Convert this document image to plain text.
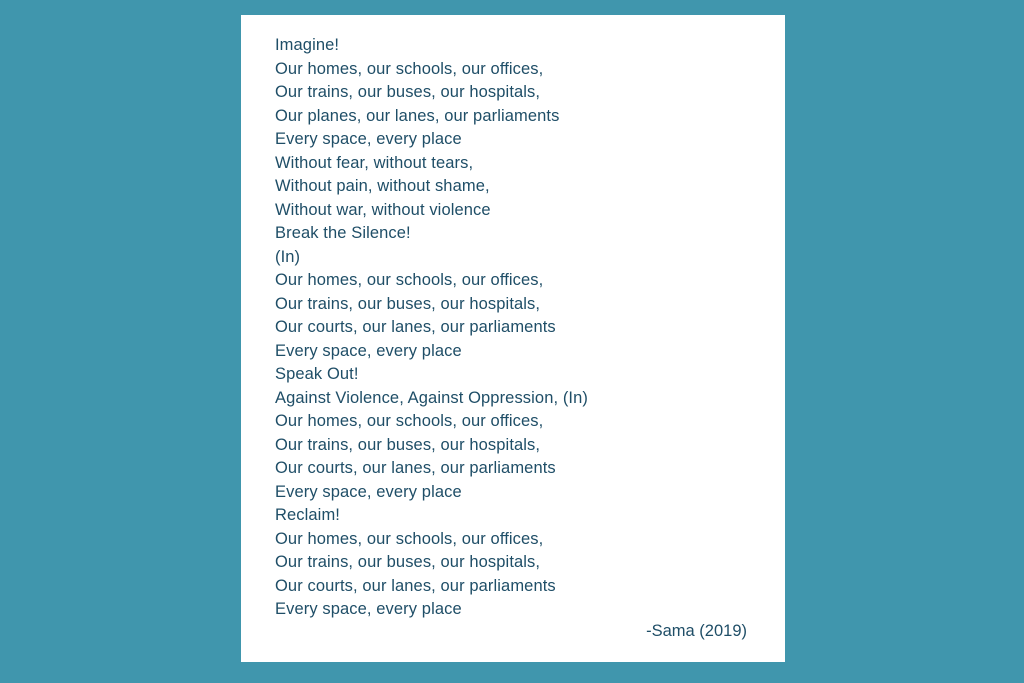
Imagine!
Our homes, our schools, our offices,
Our trains, our buses, our hospitals,
Our planes, our lanes, our parliaments
Every space, every place
Without fear, without tears,
Without pain, without shame,
Without war, without violence
Break the Silence!
(In)
Our homes, our schools, our offices,
Our trains, our buses, our hospitals,
Our courts, our lanes, our parliaments
Every space, every place
Speak Out!
Against Violence, Against Oppression, (In)
Our homes, our schools, our offices,
Our trains, our buses, our hospitals,
Our courts, our lanes, our parliaments
Every space, every place
Reclaim!
Our homes, our schools, our offices,
Our trains, our buses, our hospitals,
Our courts, our lanes, our parliaments
Every space, every place
-Sama (2019)
